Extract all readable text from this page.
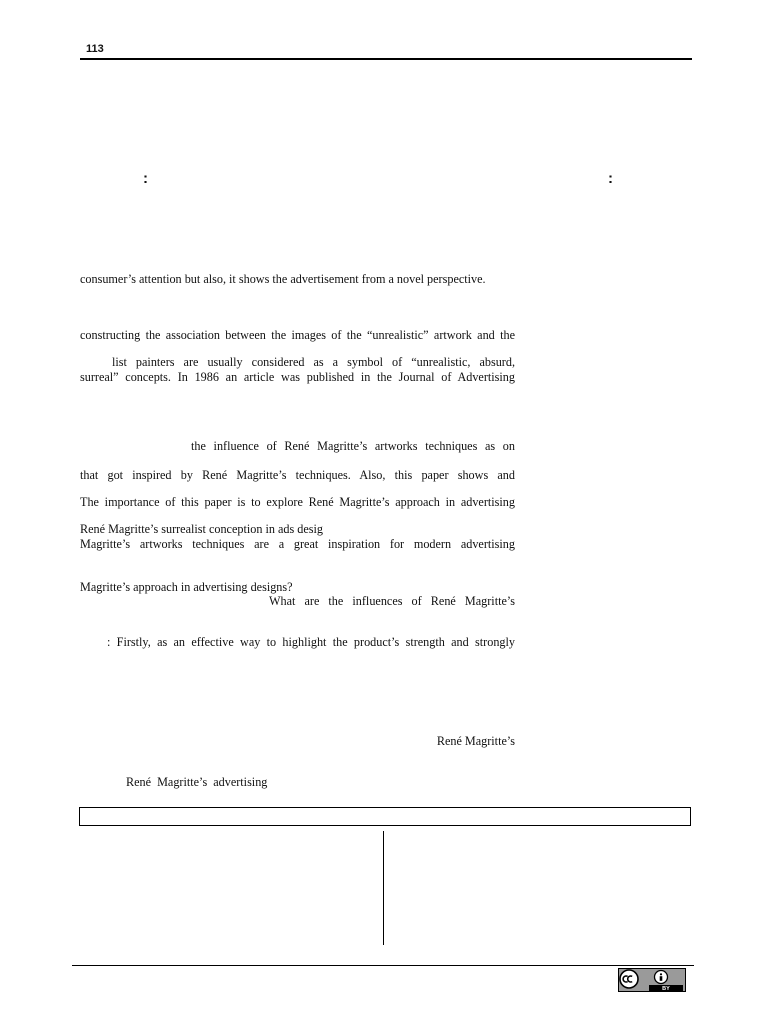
113
:	:
consumer’s attention but also, it shows the advertisement from a novel perspective.
constructing the association between the images of the “unrealistic” artwork and the
list painters are usually considered as a symbol of “unrealistic, absurd,
surreal” concepts. In 1986 an article was published in the Journal of Advertising
the influence of René Magritte’s artworks techniques as on
that got inspired by René Magritte’s techniques. Also, this paper shows and
The importance of this paper is to explore René Magritte’s approach in advertising
René Magritte’s surrealist conception in ads desig
Magritte’s artworks techniques are a great inspiration for modern advertising
Magritte’s approach in advertising designs?
What are the influences of René Magritte’s
: Firstly, as an effective way to highlight the product’s strength and strongly
René Magritte’s
René Magritte’s advertising
BY
